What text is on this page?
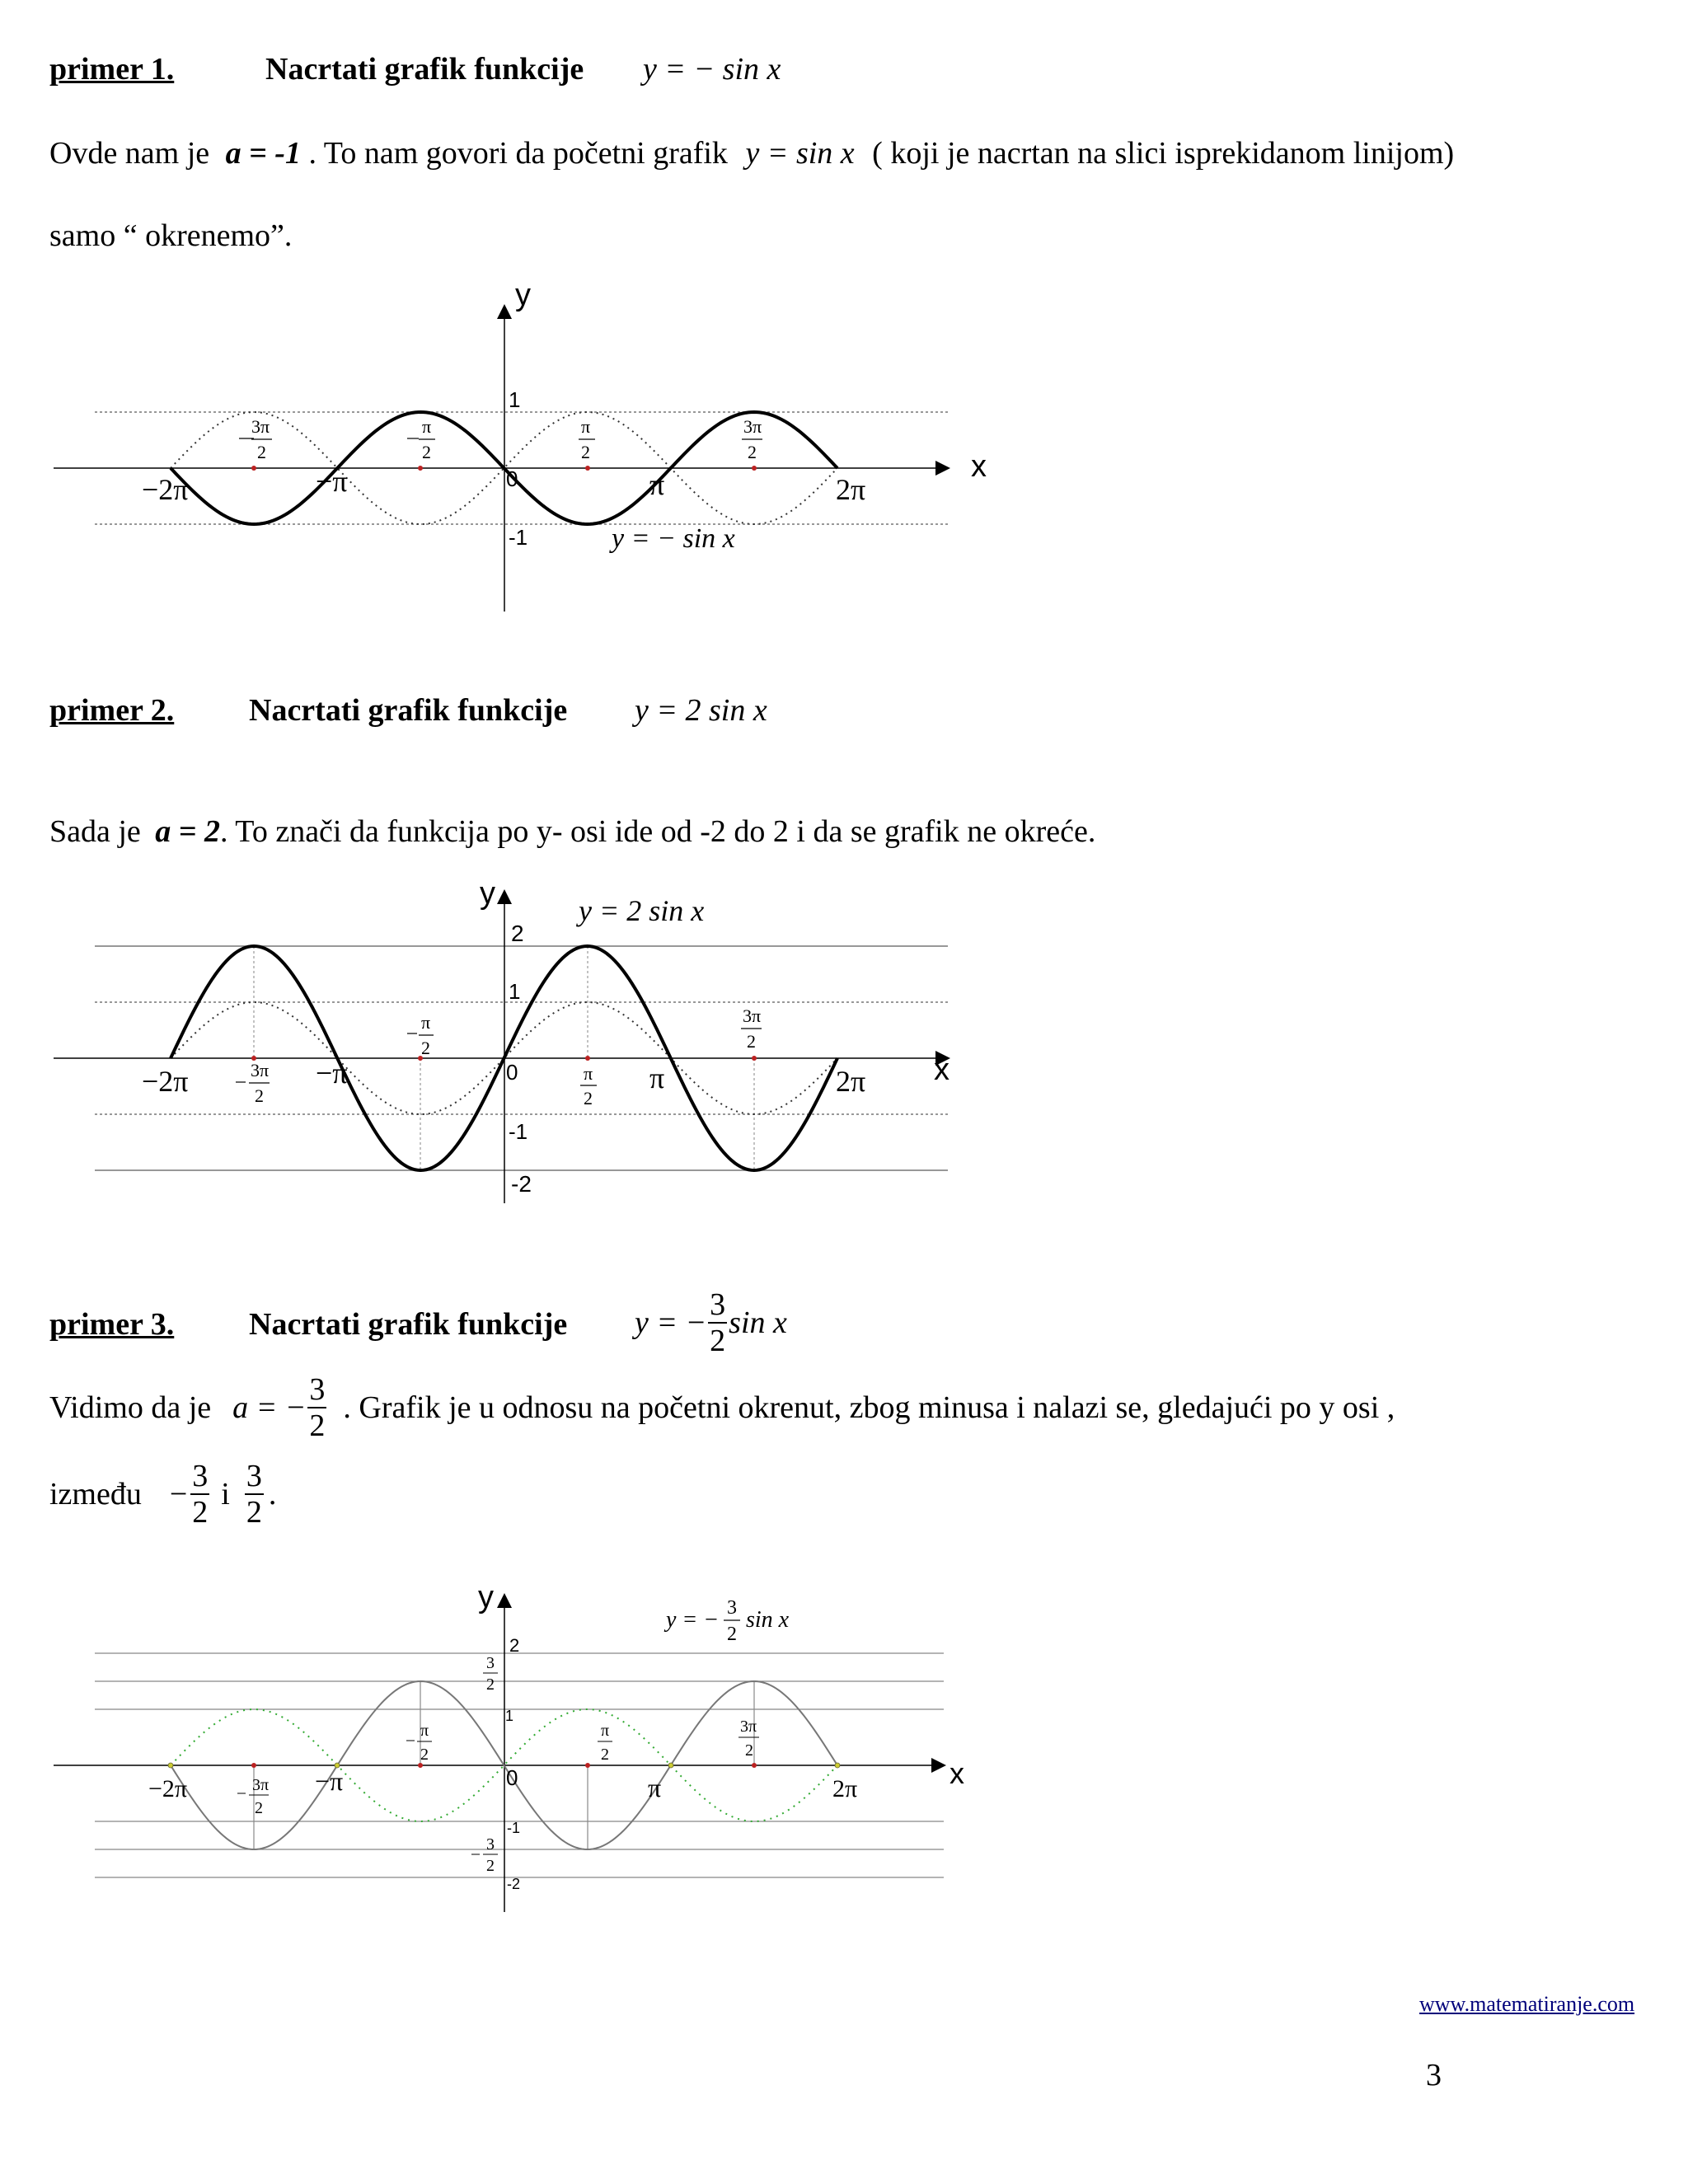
primer 1.	Nacrtati grafik funkcije y = − sin x
Ovde nam je a = -1 . To nam govori da početni grafik y = sin x ( koji je nacrtan na slici isprekidanom linijom)
samo “ okrenemo”.
y
x
1
-1
0
−2π	−π	π	2π
3π
2
π
2
π
2
3π
2
y = − sin x
primer 2. Nacrtati grafik funkcije y = 2 sin x
Sada je a = 2. To znači da funkcija po y- osi ide od -2 do 2 i da se grafik ne okreće.
y
x
2
1
0
-1
-2
−2π	−π	π	2π
3π
2
π
2
π
2
3π
2
y = 2 sin x
primer 3. Nacrtati grafik funkcije y = − $\frac{3}{2}$ sin x
Vidimo da je a = − $\frac{3}{2}$ . Grafik je u odnosu na početni okrenut, zbog minusa i nalazi se, gledajući po y osi ,
između − $\frac{3}{2}$ i $\frac{3}{2}$ .
y
x
2
1
0
-1
-2
3
2
3
2
−2π	−π	π	2π
3π
2
π
2
π
2
3π
2
y = − 3
2
sin x
www.matematiranje.com
3
